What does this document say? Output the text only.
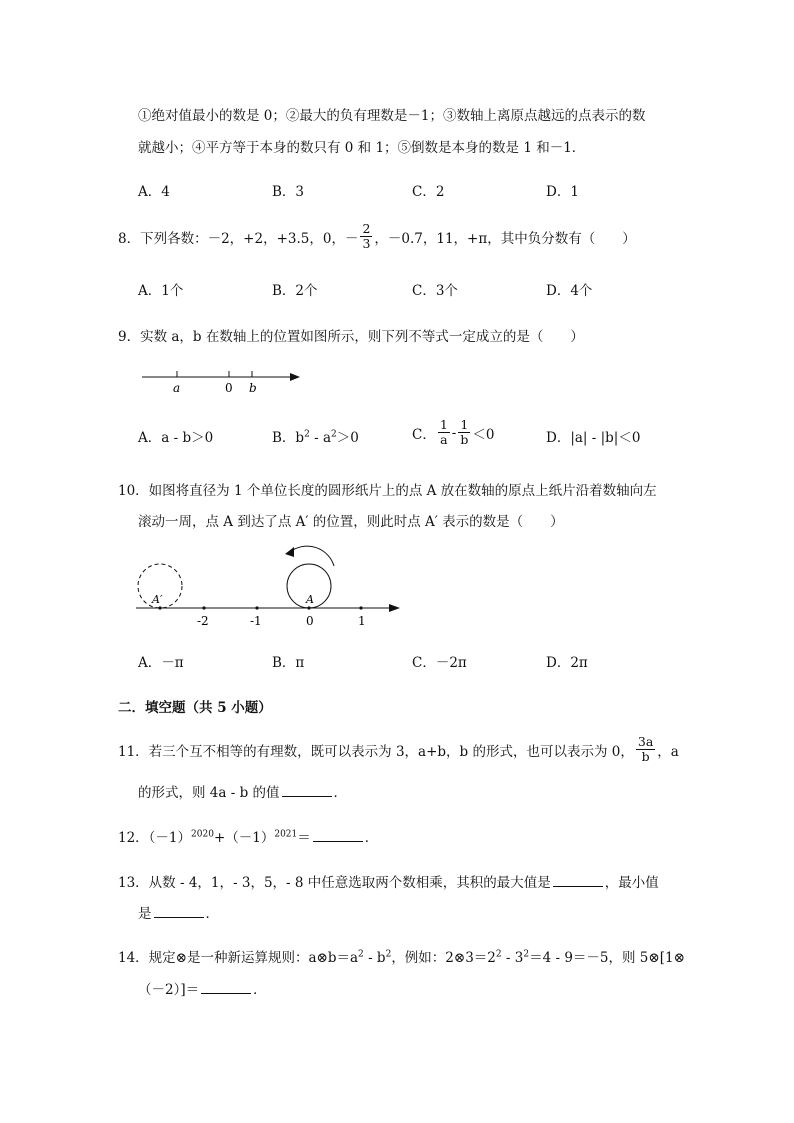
①绝对值最小的数是 0；②最大的负有理数是－1；③数轴上离原点越远的点表示的数
就越小；④平方等于本身的数只有 0 和 1；⑤倒数是本身的数是 1 和－1．
A．4	B．3	C．2	D．1
8．下列各数：－2，+2，+3.5，0，－ $\frac{2}{3}$ ，－0.7，11，+π，其中负分数有（　　）
A．1个	B．2个	C．3个	D．4个
9．实数 a，b 在数轴上的位置如图所示，则下列不等式一定成立的是（　　）
a	0 b
A．a - b＞0	B．$b^2 - a^2>0$	C． $\frac{1}{a} - \frac{1}{b} <0$	D．|a| - |b|＜0
10．如图将直径为 1 个单位长度的圆形纸片上的点 A 放在数轴的原点上纸片沿着数轴向左
滚动一周，点 A 到达了点 A′ 的位置，则此时点 A′ 表示的数是（　　）
A′	A
-2	-1	0	1
A．－π	B．π	C．－2π	D．2π
二．填空题（共 5 小题）
11．若三个互不相等的有理数，既可以表示为 3，a+b，b 的形式，也可以表示为 0， $\frac{3a}{b}$ ，a
的形式，则 4a - b 的值	．
12．$(-1)^{2020}+(-1)^{2021}=$	．
13．从数 - 4，1，- 3，5，- 8 中任意选取两个数相乘，其积的最大值是	，最小值
是	．
14．规定⊗是一种新运算规则：$a\otimes b=a^2 - b^2$，例如：$2\otimes 3=2^2 - 3^2=4 - 9=-5$，则 5⊗[1⊗
（－2）]＝	．
